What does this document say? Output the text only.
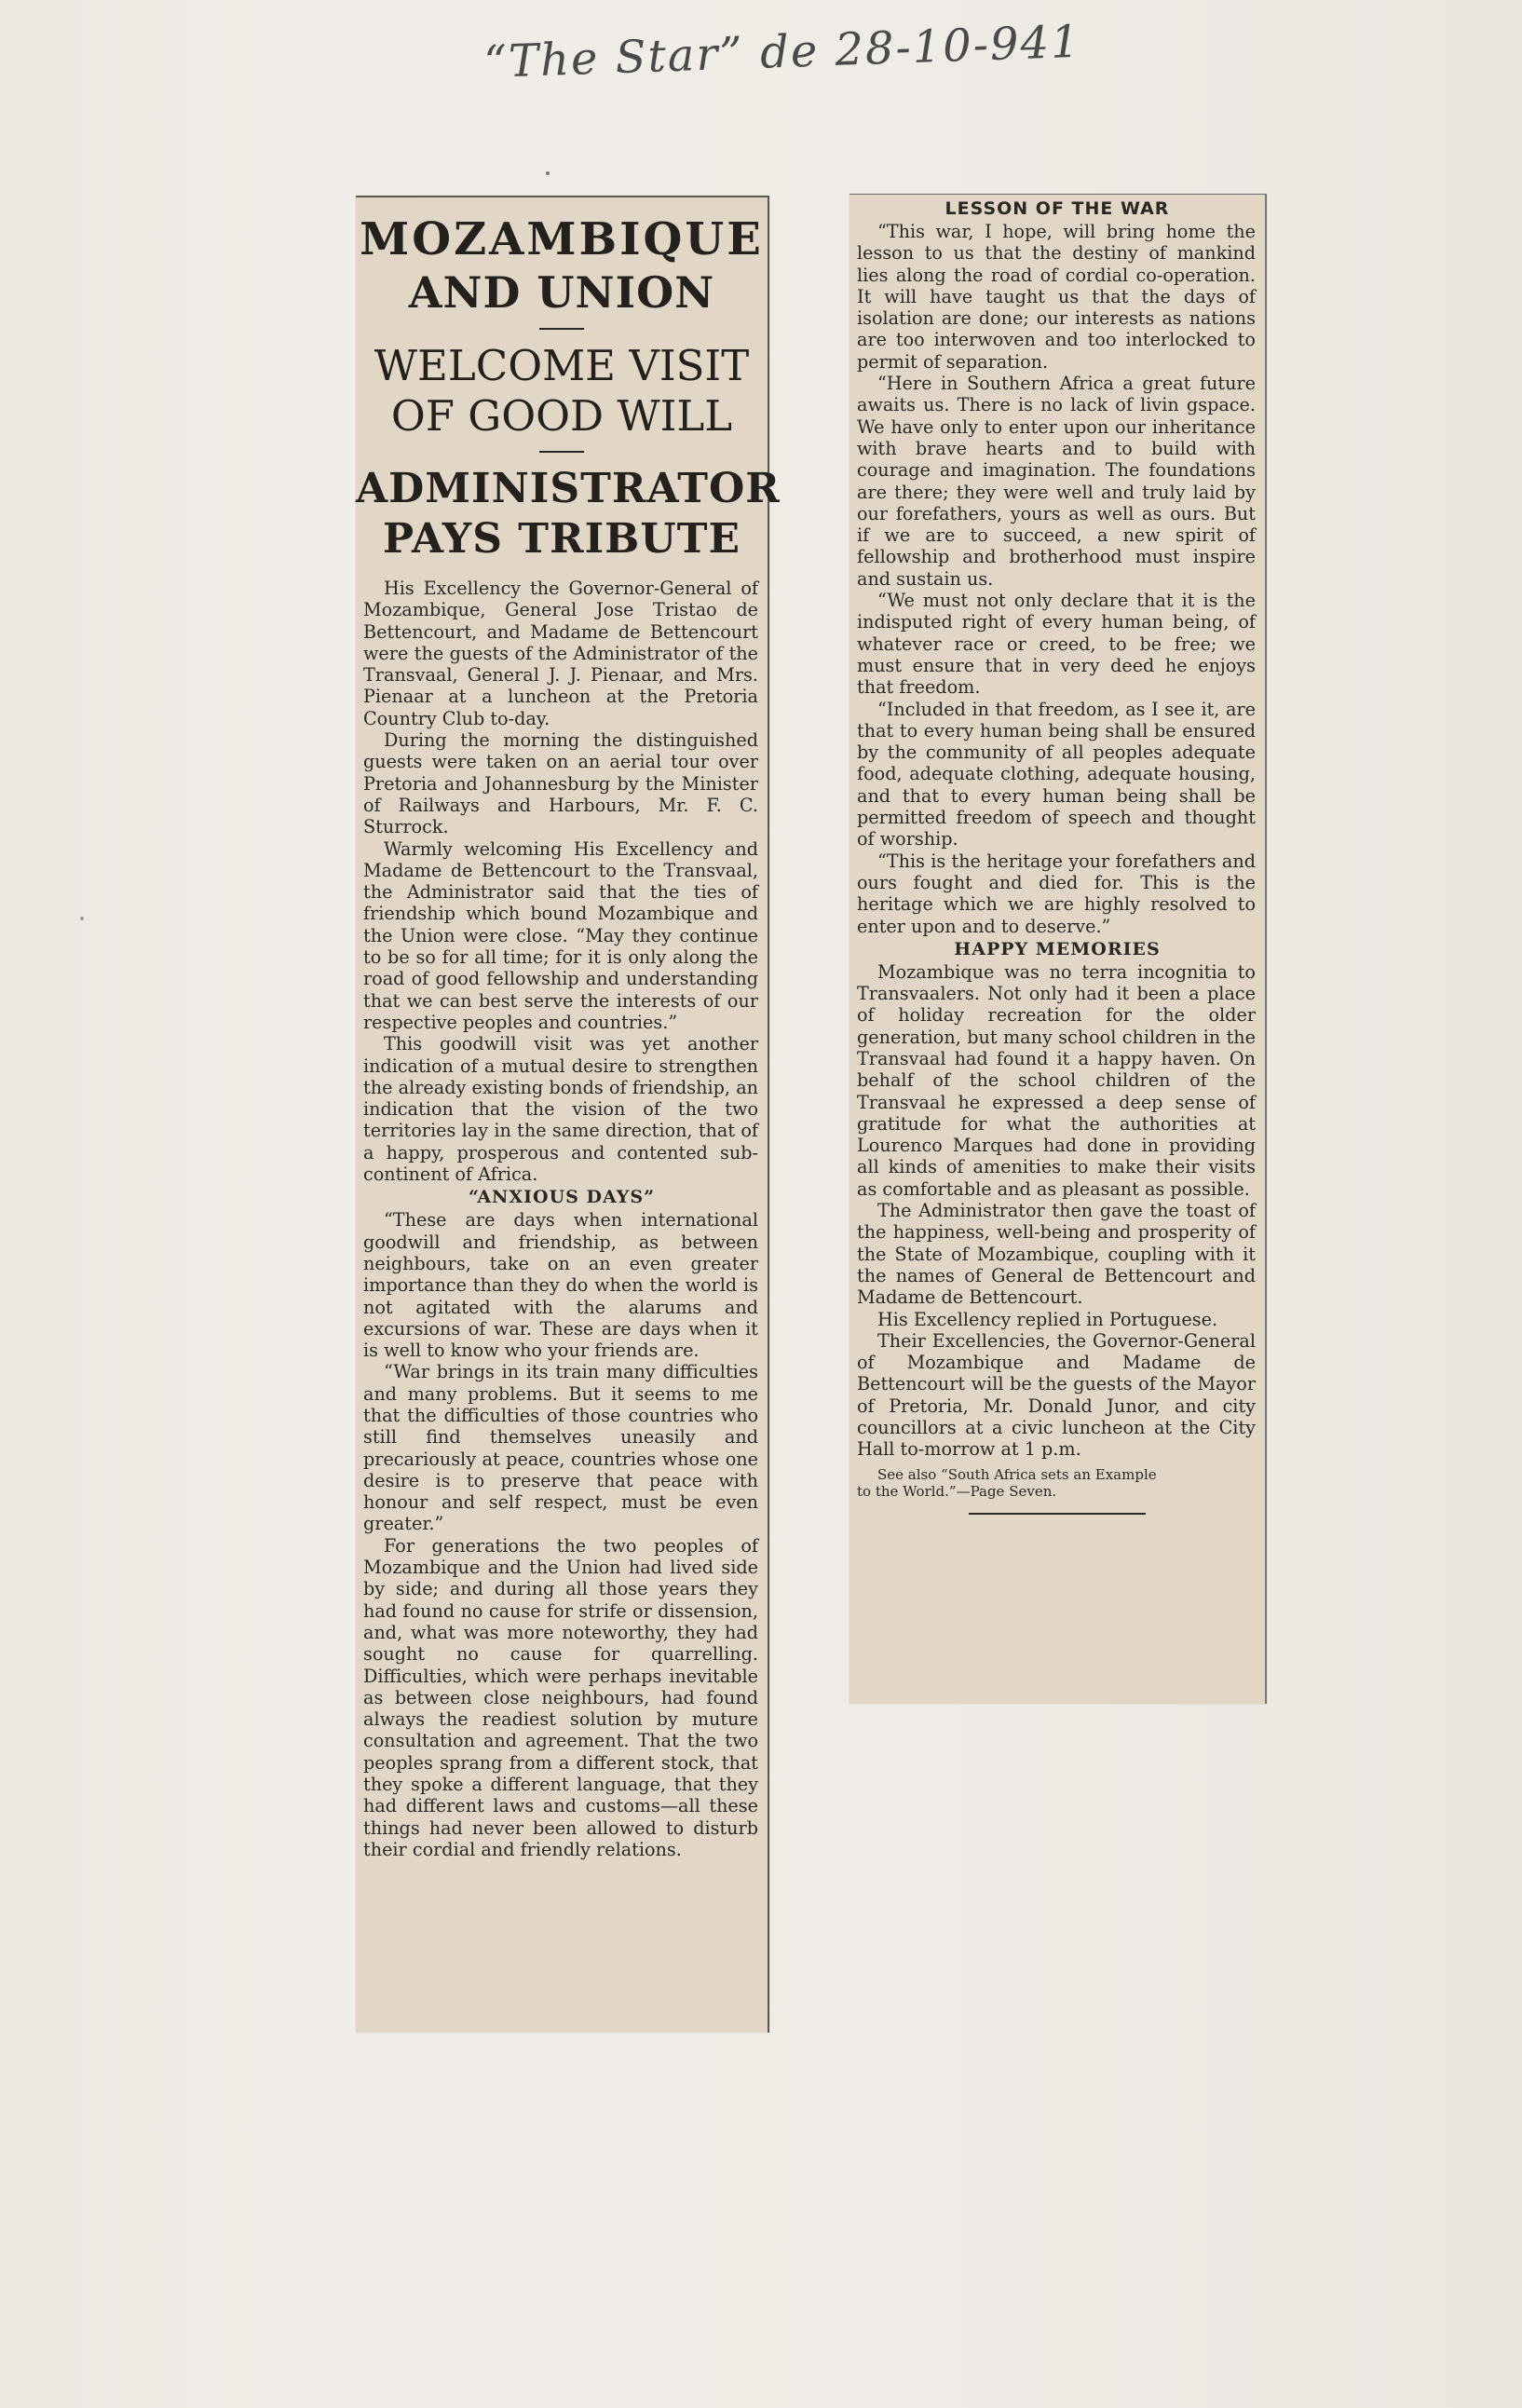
“The Star” de 28-10-941
MOZAMBIQUE
AND UNION
WELCOME VISIT
OF GOOD WILL
ADMINISTRATOR
PAYS TRIBUTE

His Excellency the Governor-General of Mozambique, General Jose Tristao de Bettencourt, and Madame de Bettencourt were the guests of the Administrator of the Transvaal, General J. J. Pienaar, and Mrs. Pienaar at a luncheon at the Pretoria Country Club to-day.

During the morning the distinguished guests were taken on an aerial tour over Pretoria and Johannesburg by the Minister of Railways and Harbours, Mr. F. C. Sturrock.

Warmly welcoming His Excellency and Madame de Bettencourt to the Transvaal, the Administrator said that the ties of friendship which bound Mozambique and the Union were close. “May they continue to be so for all time; for it is only along the road of good fellowship and understanding that we can best serve the interests of our respective peoples and countries.”

This goodwill visit was yet another indication of a mutual desire to strengthen the already existing bonds of friendship, an indication that the vision of the two territories lay in the same direction, that of a happy, prosperous and contented sub-continent of Africa.

“ANXIOUS DAYS”

“These are days when international goodwill and friendship, as between neighbours, take on an even greater importance than they do when the world is not agitated with the alarums and excursions of war. These are days when it is well to know who your friends are.

“War brings in its train many difficulties and many problems. But it seems to me that the difficulties of those countries who still find themselves uneasily and precariously at peace, countries whose one desire is to preserve that peace with honour and self respect, must be even greater.”

For generations the two peoples of Mozambique and the Union had lived side by side; and during all those years they had found no cause for strife or dissension, and, what was more noteworthy, they had sought no cause for quarrelling. Difficulties, which were perhaps inevitable as between close neighbours, had found always the readiest solution by muture consultation and agreement. That the two peoples sprang from a different stock, that they spoke a different language, that they had different laws and customs—all these things had never been allowed to disturb their cordial and friendly relations.

LESSON OF THE WAR

“This war, I hope, will bring home the lesson to us that the destiny of mankind lies along the road of cordial co-operation. It will have taught us that the days of isolation are done; our interests as nations are too interwoven and too interlocked to permit of separation.

“Here in Southern Africa a great future awaits us. There is no lack of livin gspace. We have only to enter upon our inheritance with brave hearts and to build with courage and imagination. The foundations are there; they were well and truly laid by our forefathers, yours as well as ours. But if we are to succeed, a new spirit of fellowship and brotherhood must inspire and sustain us.

“We must not only declare that it is the indisputed right of every human being, of whatever race or creed, to be free; we must ensure that in very deed he enjoys that freedom.

“Included in that freedom, as I see it, are that to every human being shall be ensured by the community of all peoples adequate food, adequate clothing, adequate housing, and that to every human being shall be permitted freedom of speech and thought of worship.

“This is the heritage your forefathers and ours fought and died for. This is the heritage which we are highly resolved to enter upon and to deserve.”

HAPPY MEMORIES

Mozambique was no terra incognitia to Transvaalers. Not only had it been a place of holiday recreation for the older generation, but many school children in the Transvaal had found it a happy haven. On behalf of the school children of the Transvaal he expressed a deep sense of gratitude for what the authorities at Lourenco Marques had done in providing all kinds of amenities to make their visits as comfortable and as pleasant as possible.

The Administrator then gave the toast of the happiness, well-being and prosperity of the State of Mozambique, coupling with it the names of General de Bettencourt and Madame de Bettencourt.

His Excellency replied in Portuguese.

Their Excellencies, the Governor-General of Mozambique and Madame de Bettencourt will be the guests of the Mayor of Pretoria, Mr. Donald Junor, and city councillors at a civic luncheon at the City Hall to-morrow at 1 p.m.

See also “South Africa sets an Example
to the World.”—Page Seven.
